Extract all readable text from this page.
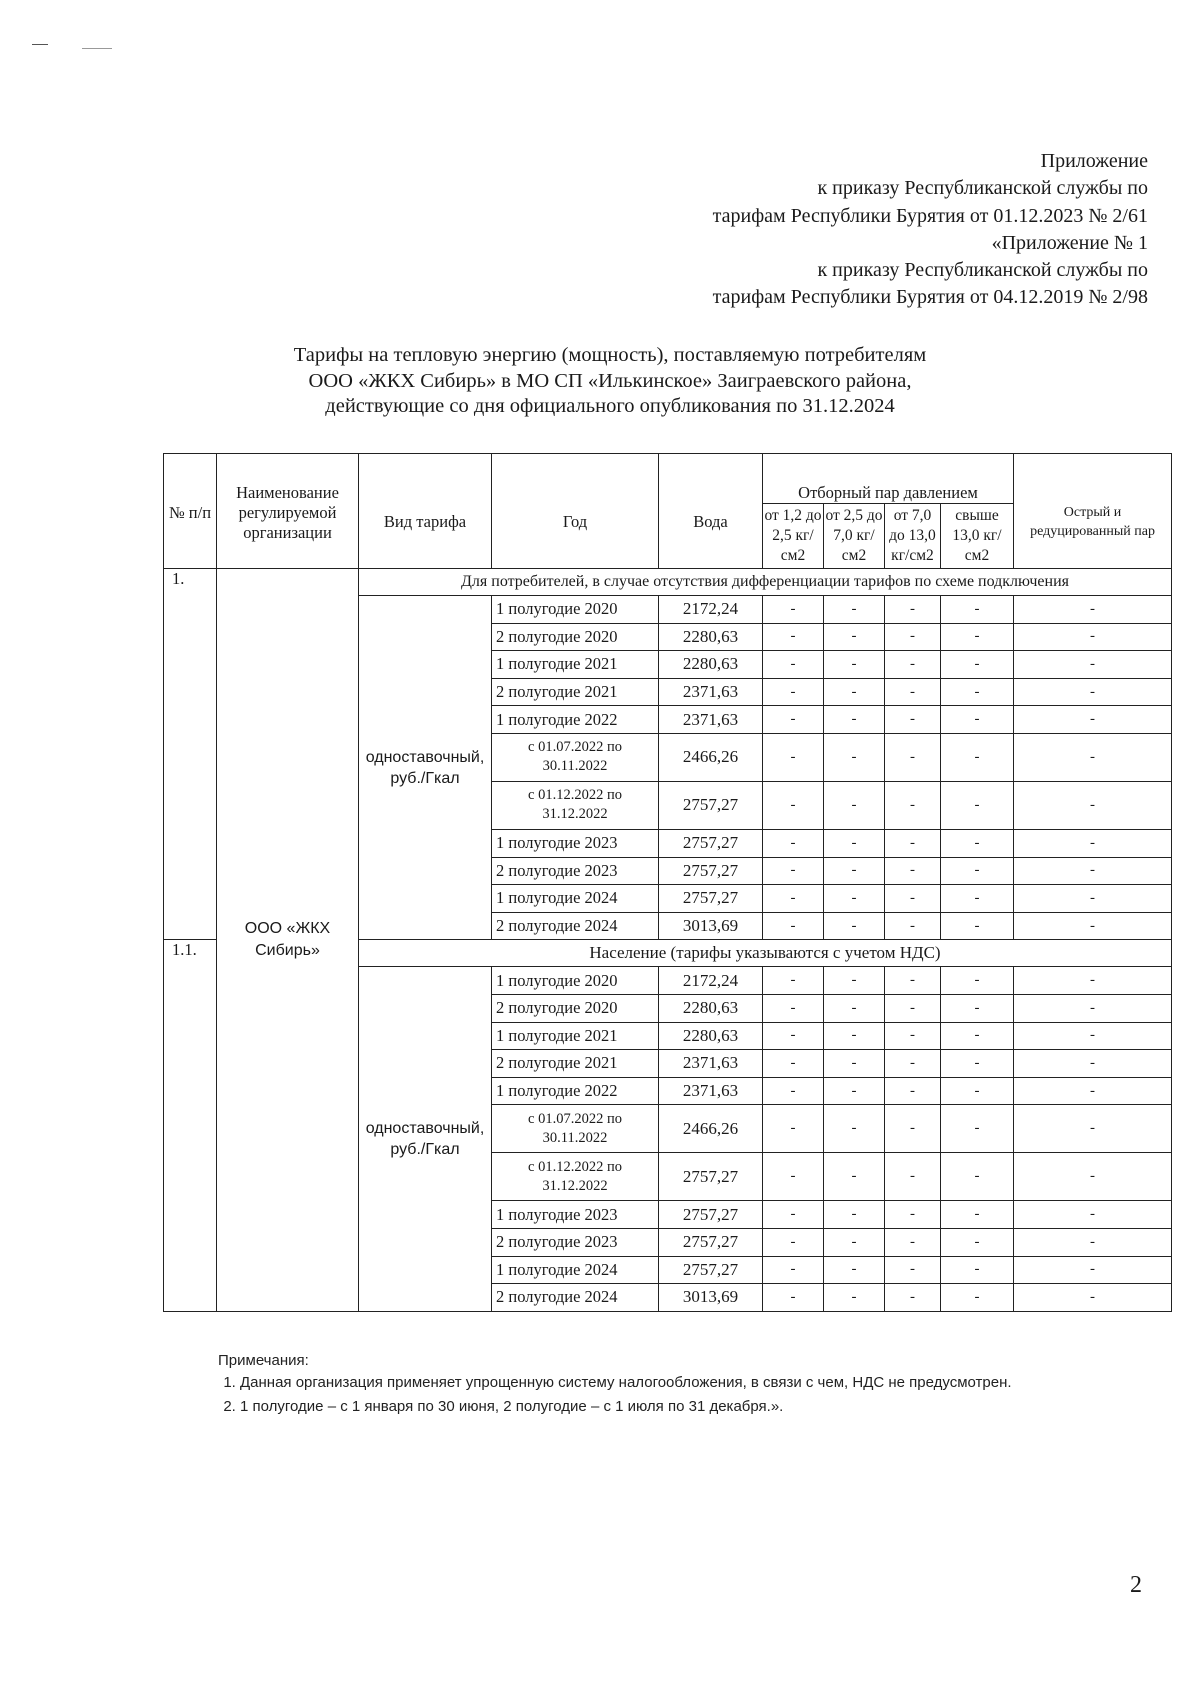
Приложение
к приказу Республиканской службы по
тарифам Республики Бурятия от 01.12.2023 № 2/61
«Приложение № 1
к приказу Республиканской службы по
тарифам Республики Бурятия от 04.12.2019 № 2/98
Тарифы на тепловую энергию (мощность), поставляемую потребителям
ООО «ЖКХ Сибирь» в МО СП «Илькинское» Заиграевского района,
действующие со дня официального опубликования по 31.12.2024
№ п/п	Наименование регулируемой организации	Вид тарифа	Год	Вода	Отборный пар давлением				Острый и редуцированный пар
					от 1,2 до 2,5 кг/см2	от 2,5 до 7,0 кг/см2	от 7,0 до 13,0 кг/см2	свыше 13,0 кг/см2	
1.	ООО «ЖКХ Сибирь»	Для потребителей, в случае отсутствия дифференциации тарифов по схеме подключения							
		одноставочный, руб./Гкал	1 полугодие 2020	2172,24	-	-	-	-	-
			2 полугодие 2020	2280,63	-	-	-	-	-
			1 полугодие 2021	2280,63	-	-	-	-	-
			2 полугодие 2021	2371,63	-	-	-	-	-
			1 полугодие 2022	2371,63	-	-	-	-	-
			с 01.07.2022 по 30.11.2022	2466,26	-	-	-	-	-
			с 01.12.2022 по 31.12.2022	2757,27	-	-	-	-	-
			1 полугодие 2023	2757,27	-	-	-	-	-
			2 полугодие 2023	2757,27	-	-	-	-	-
			1 полугодие 2024	2757,27	-	-	-	-	-
			2 полугодие 2024	3013,69	-	-	-	-	-
1.1.		Население (тарифы указываются с учетом НДС)							
		одноставочный, руб./Гкал	1 полугодие 2020	2172,24	-	-	-	-	-
			2 полугодие 2020	2280,63	-	-	-	-	-
			1 полугодие 2021	2280,63	-	-	-	-	-
			2 полугодие 2021	2371,63	-	-	-	-	-
			1 полугодие 2022	2371,63	-	-	-	-	-
			с 01.07.2022 по 30.11.2022	2466,26	-	-	-	-	-
			с 01.12.2022 по 31.12.2022	2757,27	-	-	-	-	-
			1 полугодие 2023	2757,27	-	-	-	-	-
			2 полугодие 2023	2757,27	-	-	-	-	-
			1 полугодие 2024	2757,27	-	-	-	-	-
			2 полугодие 2024	3013,69	-	-	-	-	-
Примечания:
1. Данная организация применяет упрощенную систему налогообложения, в связи с чем, НДС не предусмотрен.
2. 1 полугодие – с 1 января по 30 июня, 2 полугодие – с 1 июля по 31 декабря.».
2
